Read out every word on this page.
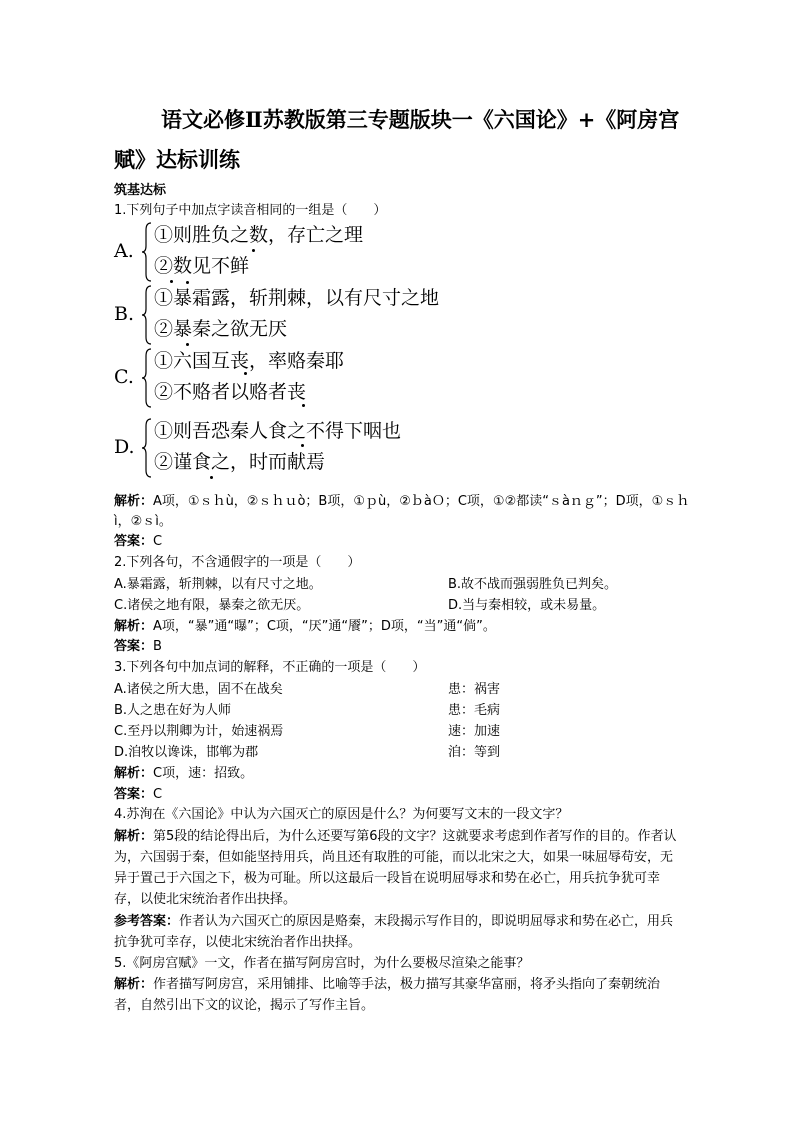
语文必修Ⅱ苏教版第三专题版块一《六国论》+《阿房宫
赋》达标训练
筑基达标
1.下列句子中加点字读音相同的一组是（　　）
A.
①则胜负之数，存亡之理
②数见不鲜
B.
①暴霜露，斩荆棘，以有尺寸之地
②暴秦之欲无厌
C.
①六国互丧，率赂秦耶
②不赂者以赂者丧
D.
①则吾恐秦人食之不得下咽也
②谨食之，时而献焉
解析：A项，①ｓｈù，②ｓｈｕò；B项，①ｐù，②ｂàＯ；C项，①②都读“ｓàｎｇ”；D项，①ｓｈ
ì，②ｓì。
答案：C
2.下列各句，不含通假字的一项是（　　）
A.暴霜露，斩荆棘，以有尺寸之地。	B.故不战而强弱胜负已判矣。
C.诸侯之地有限，暴秦之欲无厌。	D.当与秦相较，或未易量。
解析：A项，“暴”通“曝”；C项，“厌”通“餍”；D项，“当”通“倘”。
答案：B
3.下列各句中加点词的解释，不正确的一项是（　　）
A.诸侯之所大患，固不在战矣	患：祸害
B.人之患在好为人师	患：毛病
C.至丹以荆卿为计，始速祸焉	速：加速
D.洎牧以谗诛，邯郸为郡	洎：等到
解析：C项，速：招致。
答案：C
4.苏洵在《六国论》中认为六国灭亡的原因是什么？为何要写文末的一段文字？
解析：第5段的结论得出后，为什么还要写第6段的文字？这就要求考虑到作者写作的目的。作者认为，六国弱于秦，但如能坚持用兵，尚且还有取胜的可能，而以北宋之大，如果一味屈辱苟安，无异于置己于六国之下，极为可耻。所以这最后一段旨在说明屈辱求和势在必亡，用兵抗争犹可幸存，以使北宋统治者作出抉择。
参考答案：作者认为六国灭亡的原因是赂秦，末段揭示写作目的，即说明屈辱求和势在必亡，用兵抗争犹可幸存，以使北宋统治者作出抉择。
5.《阿房宫赋》一文，作者在描写阿房宫时，为什么要极尽渲染之能事？
解析：作者描写阿房宫，采用铺排、比喻等手法，极力描写其豪华富丽，将矛头指向了秦朝统治者，自然引出下文的议论，揭示了写作主旨。
